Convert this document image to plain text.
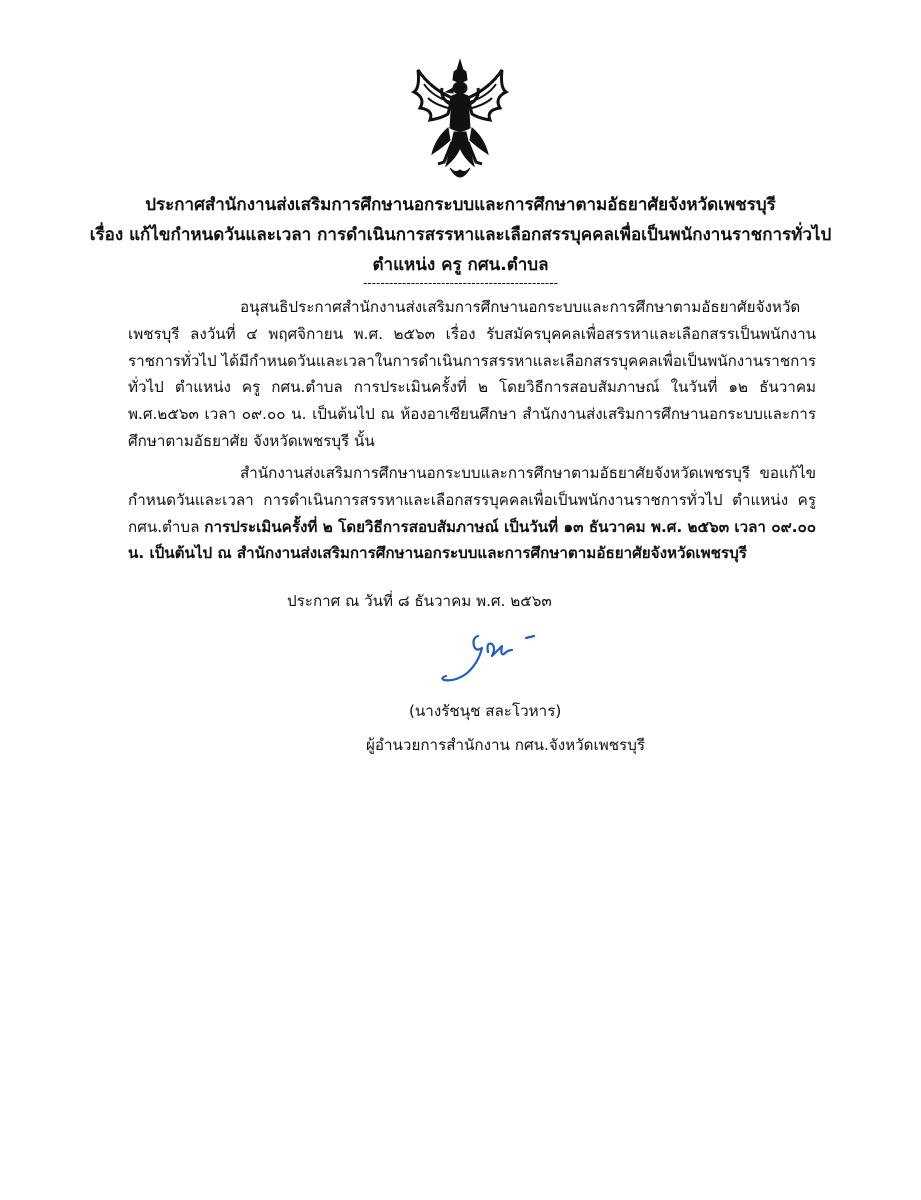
ประกาศสำนักงานส่งเสริมการศึกษานอกระบบและการศึกษาตามอัธยาศัยจังหวัดเพชรบุรี
เรื่อง แก้ไขกำหนดวันและเวลา การดำเนินการสรรหาและเลือกสรรบุคคลเพื่อเป็นพนักงานราชการทั่วไป
ตำแหน่ง ครู กศน.ตำบล
---------------------------------------------
อนุสนธิประกาศสำนักงานส่งเสริมการศึกษานอกระบบและการศึกษาตามอัธยาศัยจังหวัดเพชรบุรี ลงวันที่ ๔ พฤศจิกายน พ.ศ. ๒๕๖๓ เรื่อง รับสมัครบุคคลเพื่อสรรหาและเลือกสรรเป็นพนักงานราชการทั่วไป ได้มีกำหนดวันและเวลาในการดำเนินการสรรหาและเลือกสรรบุคคลเพื่อเป็นพนักงานราชการทั่วไป ตำแหน่ง ครู กศน.ตำบล การประเมินครั้งที่ ๒ โดยวิธีการสอบสัมภาษณ์ ในวันที่ ๑๒ ธันวาคม พ.ศ.๒๕๖๓ เวลา ๐๙.๐๐ น. เป็นต้นไป ณ ห้องอาเซียนศึกษา สำนักงานส่งเสริมการศึกษานอกระบบและการศึกษาตามอัธยาศัย จังหวัดเพชรบุรี นั้น
สำนักงานส่งเสริมการศึกษานอกระบบและการศึกษาตามอัธยาศัยจังหวัดเพชรบุรี ขอแก้ไข กำหนดวันและเวลา การดำเนินการสรรหาและเลือกสรรบุคคลเพื่อเป็นพนักงานราชการทั่วไป ตำแหน่ง ครู กศน.ตำบล การประเมินครั้งที่ ๒ โดยวิธีการสอบสัมภาษณ์ เป็นวันที่ ๑๓ ธันวาคม พ.ศ. ๒๕๖๓ เวลา ๐๙.๐๐ น. เป็นต้นไป ณ สำนักงานส่งเสริมการศึกษานอกระบบและการศึกษาตามอัธยาศัยจังหวัดเพชรบุรี
ประกาศ ณ วันที่ ๘ ธันวาคม พ.ศ. ๒๕๖๓
(นางรัชนุช สละโวหาร)
ผู้อำนวยการสำนักงาน กศน.จังหวัดเพชรบุรี
